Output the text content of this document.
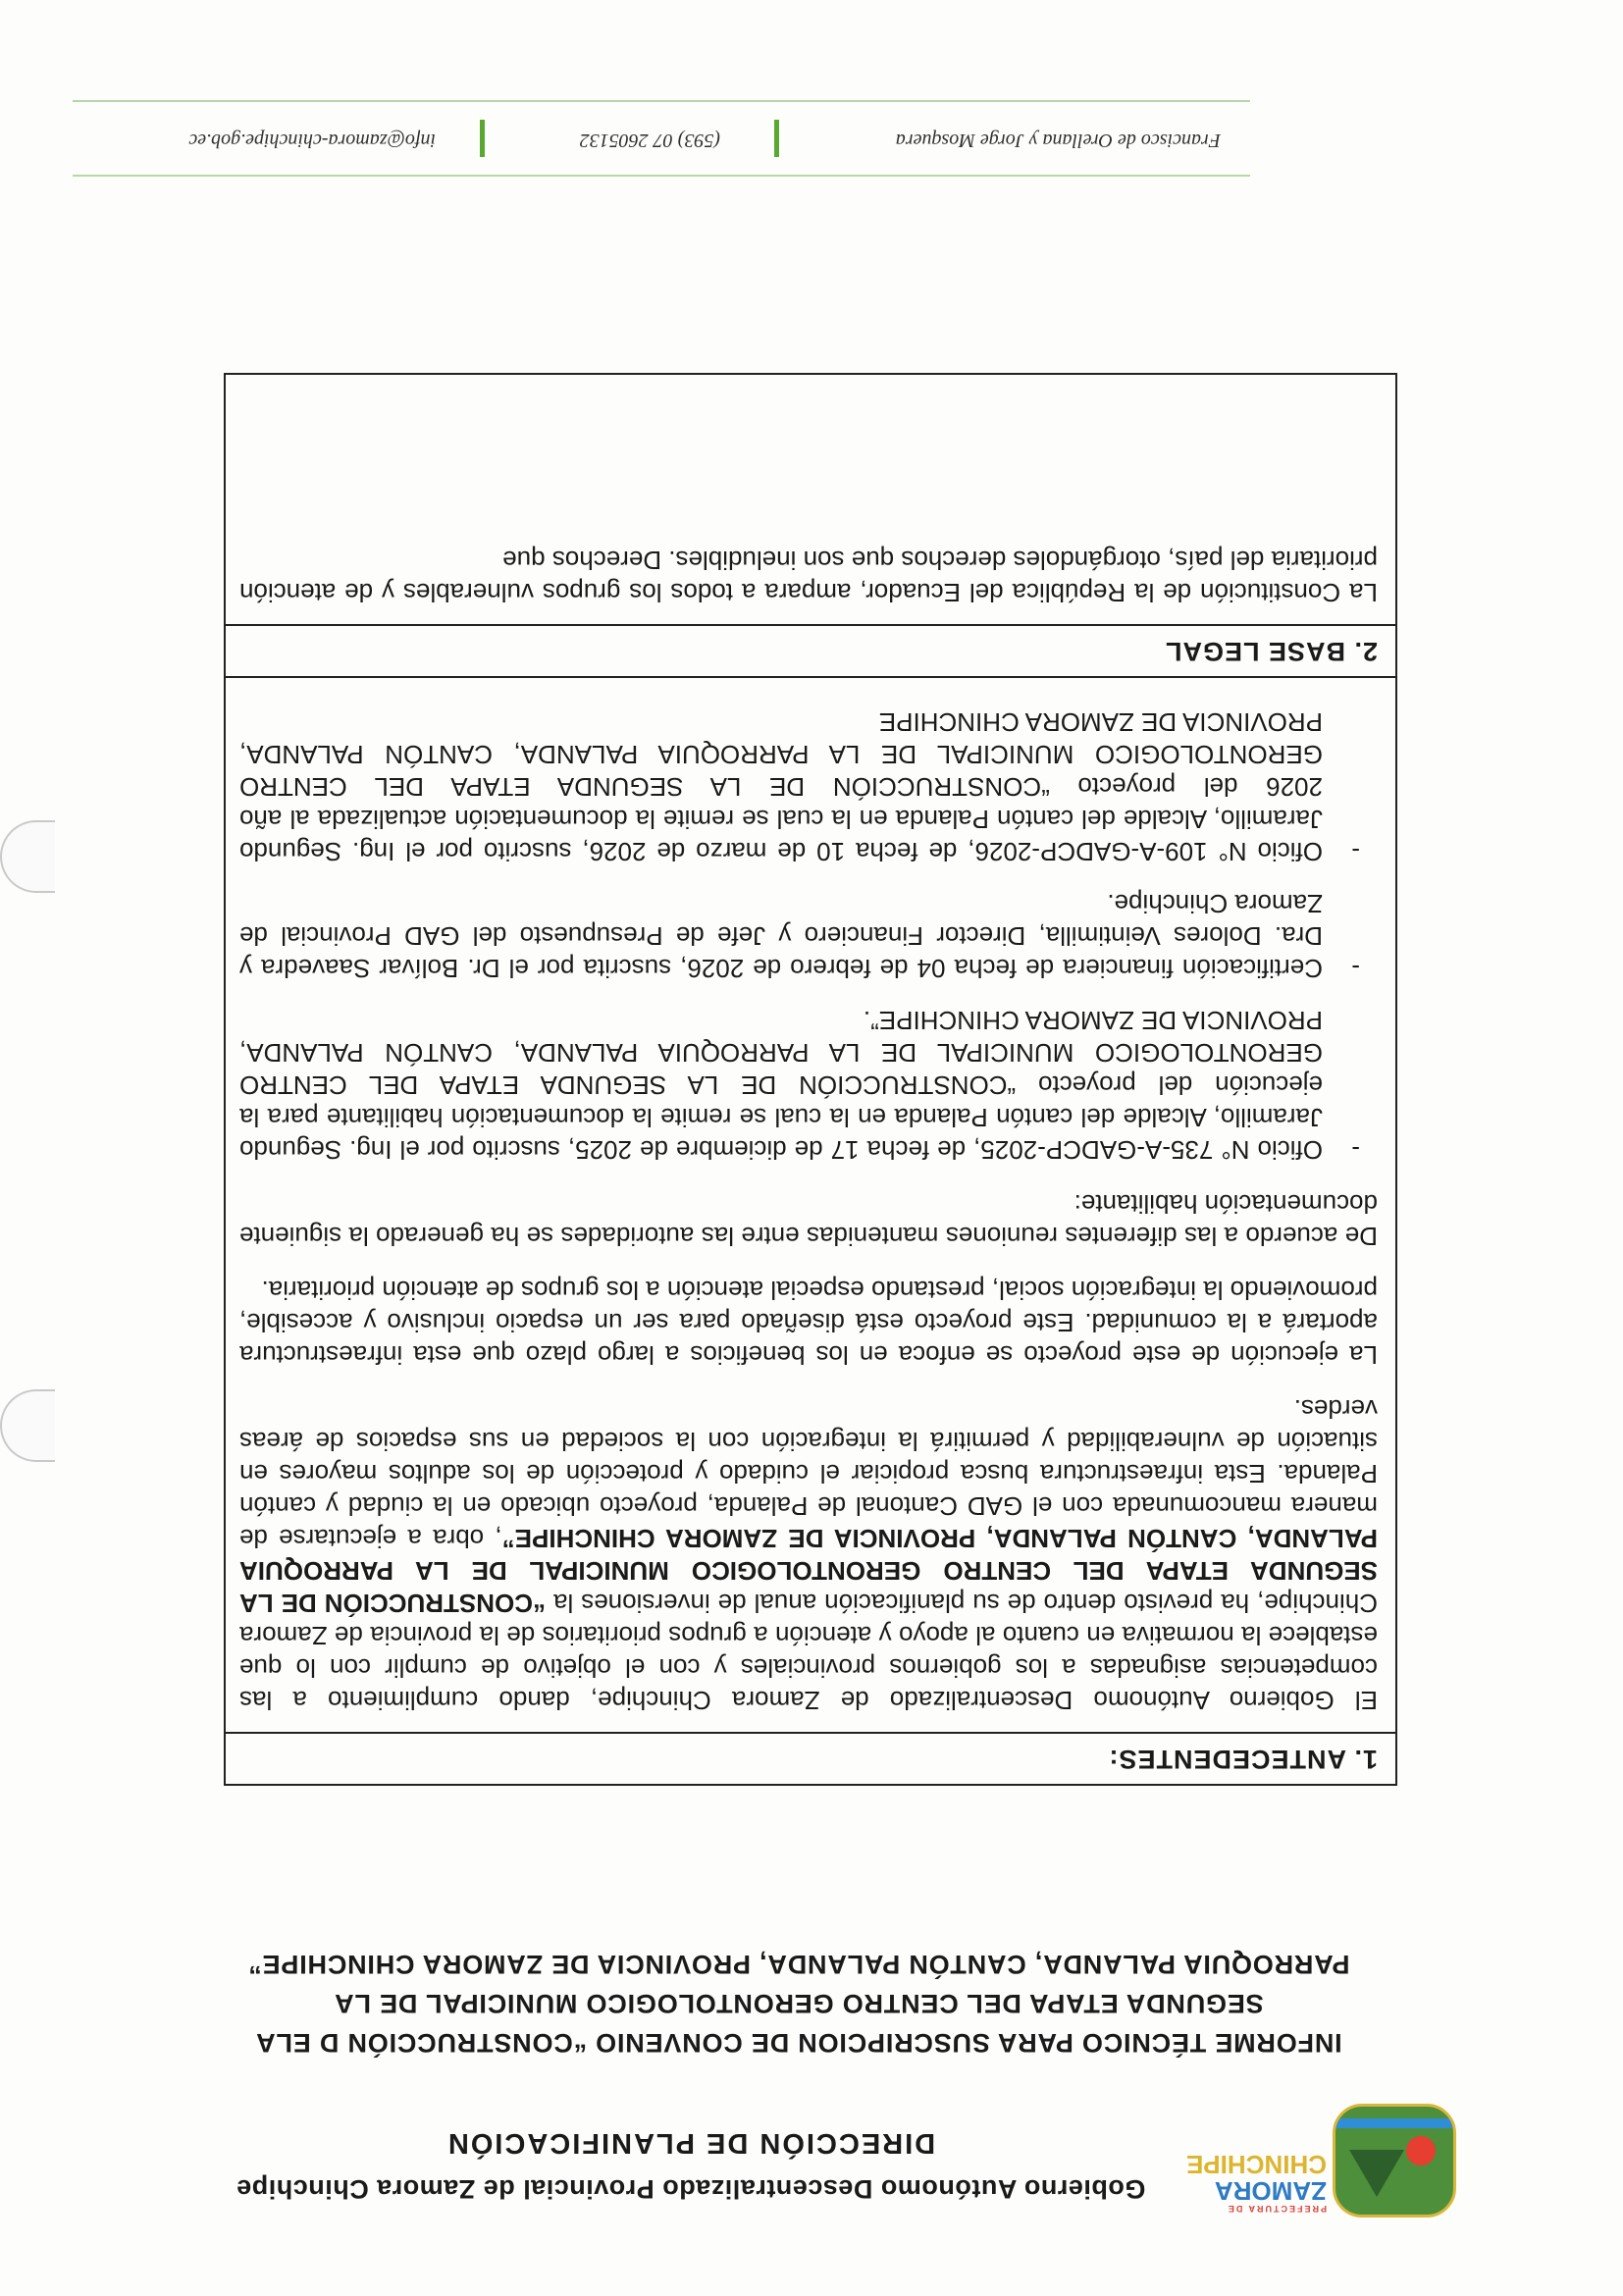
PREFECTURA DE
ZAMORA
CHINCHIPE
Gobierno Autónomo Descentralizado Provincial de Zamora Chinchipe
DIRECCIÓN DE PLANIFICACIÓN
INFORME TÉCNICO PARA SUSCRIPCION DE CONVENIO “CONSTRUCCIÓN D ELA
SEGUNDA ETAPA DEL CENTRO GERONTOLOGICO MUNICIPAL DE LA
PARROQUIA PALANDA, CANTÓN PALANDA, PROVINCIA DE ZAMORA CHINCHIPE”
1. ANTECEDENTES:

El Gobierno Autónomo Descentralizado de Zamora Chinchipe, dando cumplimiento a las competencias asignadas a los gobiernos provinciales y con el objetivo de cumplir con lo que establece la normativa en cuanto al apoyo y atención a grupos prioritarios de la provincia de Zamora Chinchipe, ha previsto dentro de su planificación anual de inversiones la “CONSTRUCCIÓN DE LA SEGUNDA ETAPA DEL CENTRO GERONTOLOGICO MUNICIPAL DE LA PARROQUIA PALANDA, CANTÓN PALANDA, PROVINCIA DE ZAMORA CHINCHIPE”, obra a ejecutarse de manera mancomunada con el GAD Cantonal de Palanda, proyecto ubicado en la ciudad y cantón Palanda. Esta infraestructura busca propiciar el cuidado y protección de los adultos mayores en situación de vulnerabilidad y permitirá la integración con la sociedad en sus espacios de áreas verdes.

La ejecución de este proyecto se enfoca en los beneficios a largo plazo que esta infraestructura aportará a la comunidad. Este proyecto está diseñado para ser un espacio inclusivo y accesible, promoviendo la integración social, prestando especial atención a los grupos de atención prioritaria.

De acuerdo a las diferentes reuniones mantenidas entre las autoridades se ha generado la siguiente documentación habilitante:

- Oficio N° 735-A-GADCP-2025, de fecha 17 de diciembre de 2025, suscrito por el Ing. Segundo Jaramillo, Alcalde del cantón Palanda en la cual se remite la documentación habilitante para la ejecución del proyecto “CONSTRUCCIÓN DE LA SEGUNDA ETAPA DEL CENTRO GERONTOLOGICO MUNICIPAL DE LA PARROQUIA PALANDA, CANTÓN PALANDA, PROVINCIA DE ZAMORA CHINCHIPE”.
- Certificación financiera de fecha 04 de febrero de 2026, suscrita por el Dr. Bolívar Saavedra y Dra. Dolores Veintimilla, Director Financiero y Jefe de Presupuesto del GAD Provincial de Zamora Chinchipe.
- Oficio N° 109-A-GADCP-2026, de fecha 10 de marzo de 2026, suscrito por el Ing. Segundo Jaramillo, Alcalde del cantón Palanda en la cual se remite la documentación actualizada al año 2026 del proyecto “CONSTRUCCIÓN DE LA SEGUNDA ETAPA DEL CENTRO GERONTOLOGICO MUNICIPAL DE LA PARROQUIA PALANDA, CANTÓN PALANDA, PROVINCIA DE ZAMORA CHINCHIPE
2. BASE LEGAL

La Constitución de la República del Ecuador, ampara a todos los grupos vulnerables y de atención prioritaria del país, otorgándoles derechos que son ineludibles. Derechos que

Francisco de Orellana y Jorge Mosquera
(593) 07 2605132
info@zamora-chinchipe.gob.ec
